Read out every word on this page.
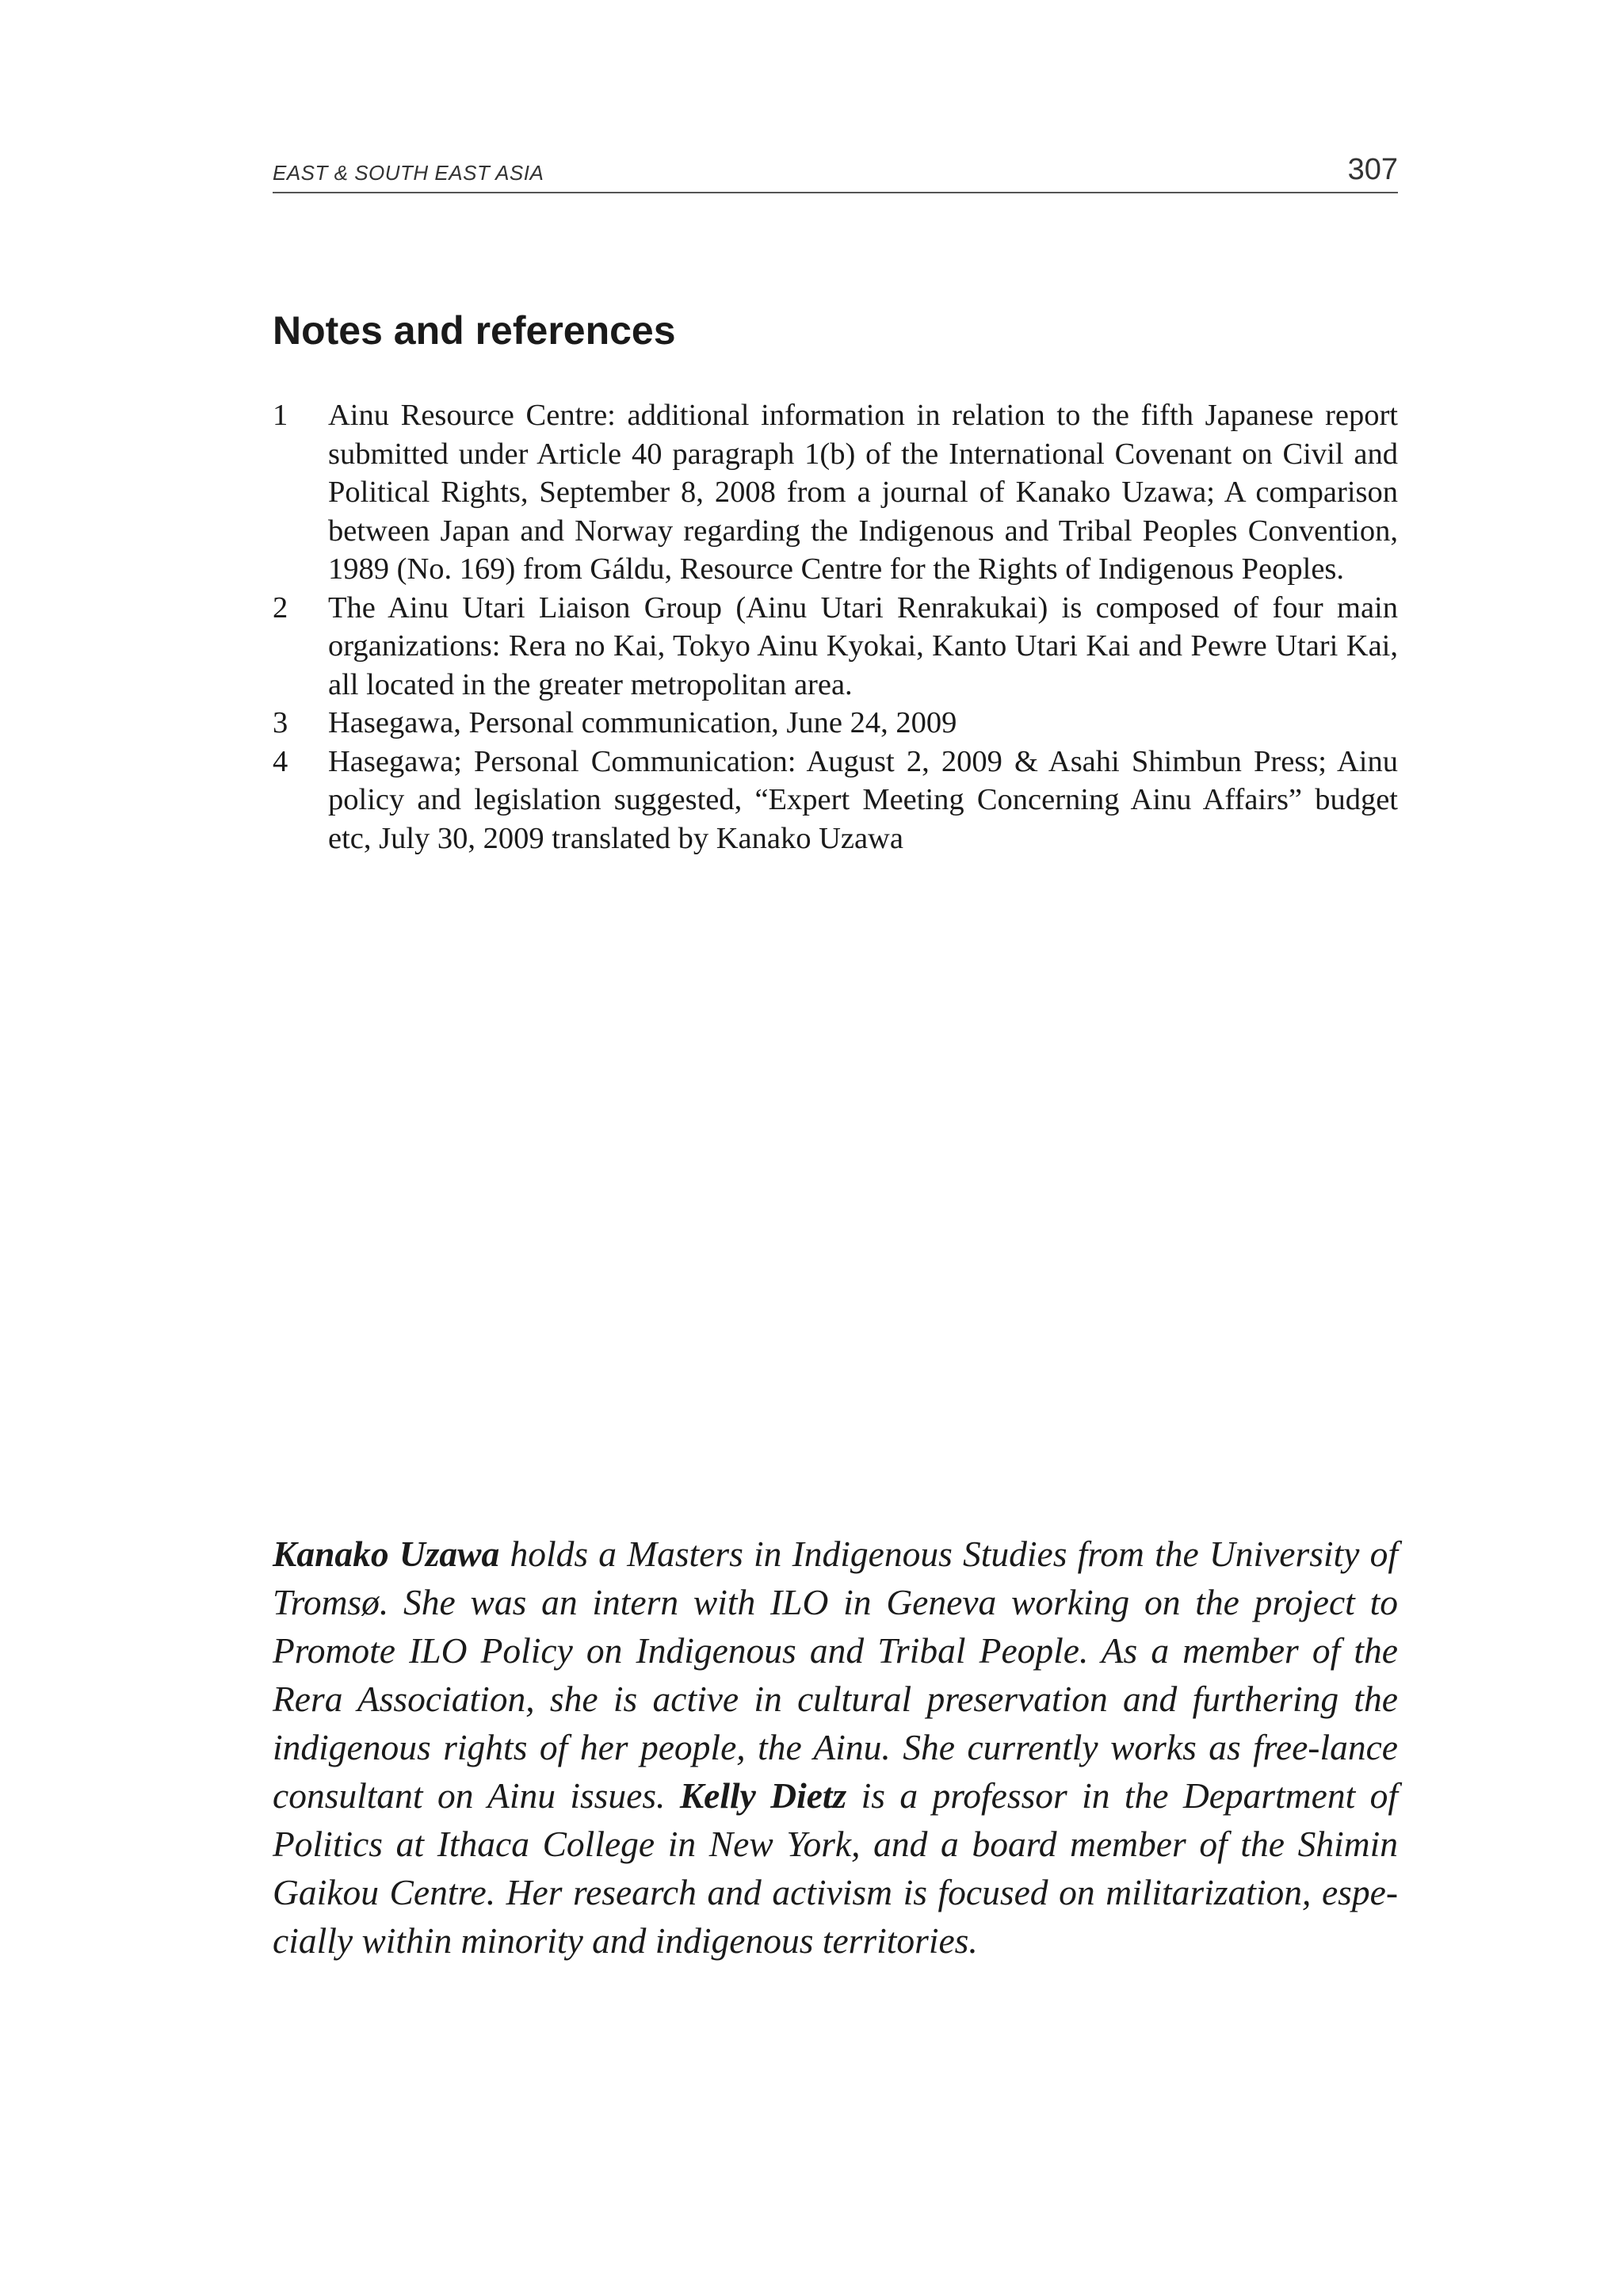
EAST & SOUTH EAST ASIA	307
Notes and references
1 Ainu Resource Centre: additional information in relation to the fifth Japanese report submitted under Article 40 paragraph 1(b) of the International Covenant on Civil and Political Rights, September 8, 2008 from a journal of Kanako Uzawa; A comparison between Japan and Norway regarding the Indigenous and Tribal Peoples Convention, 1989 (No. 169) from Gáldu, Resource Centre for the Rights of Indigenous Peoples.
2 The Ainu Utari Liaison Group (Ainu Utari Renrakukai) is composed of four main organizations: Rera no Kai, Tokyo Ainu Kyokai, Kanto Utari Kai and Pewre Utari Kai, all located in the greater metropolitan area.
3 Hasegawa, Personal communication, June 24, 2009
4 Hasegawa; Personal Communication: August 2, 2009 & Asahi Shimbun Press; Ainu policy and legislation suggested, “Expert Meeting Concerning Ainu Affairs” budget etc, July 30, 2009 translated by Kanako Uzawa

Kanako Uzawa holds a Masters in Indigenous Studies from the University of Tromsø. She was an intern with ILO in Geneva working on the project to Promote ILO Policy on Indigenous and Tribal People. As a member of the Rera Association, she is active in cultural preservation and furthering the indigenous rights of her people, the Ainu. She currently works as free-lance consultant on Ainu issues. Kelly Dietz is a professor in the Department of Politics at Ithaca College in New York, and a board member of the Shimin Gaikou Centre. Her research and activism is focused on militarization, especially within minority and indigenous territories.
